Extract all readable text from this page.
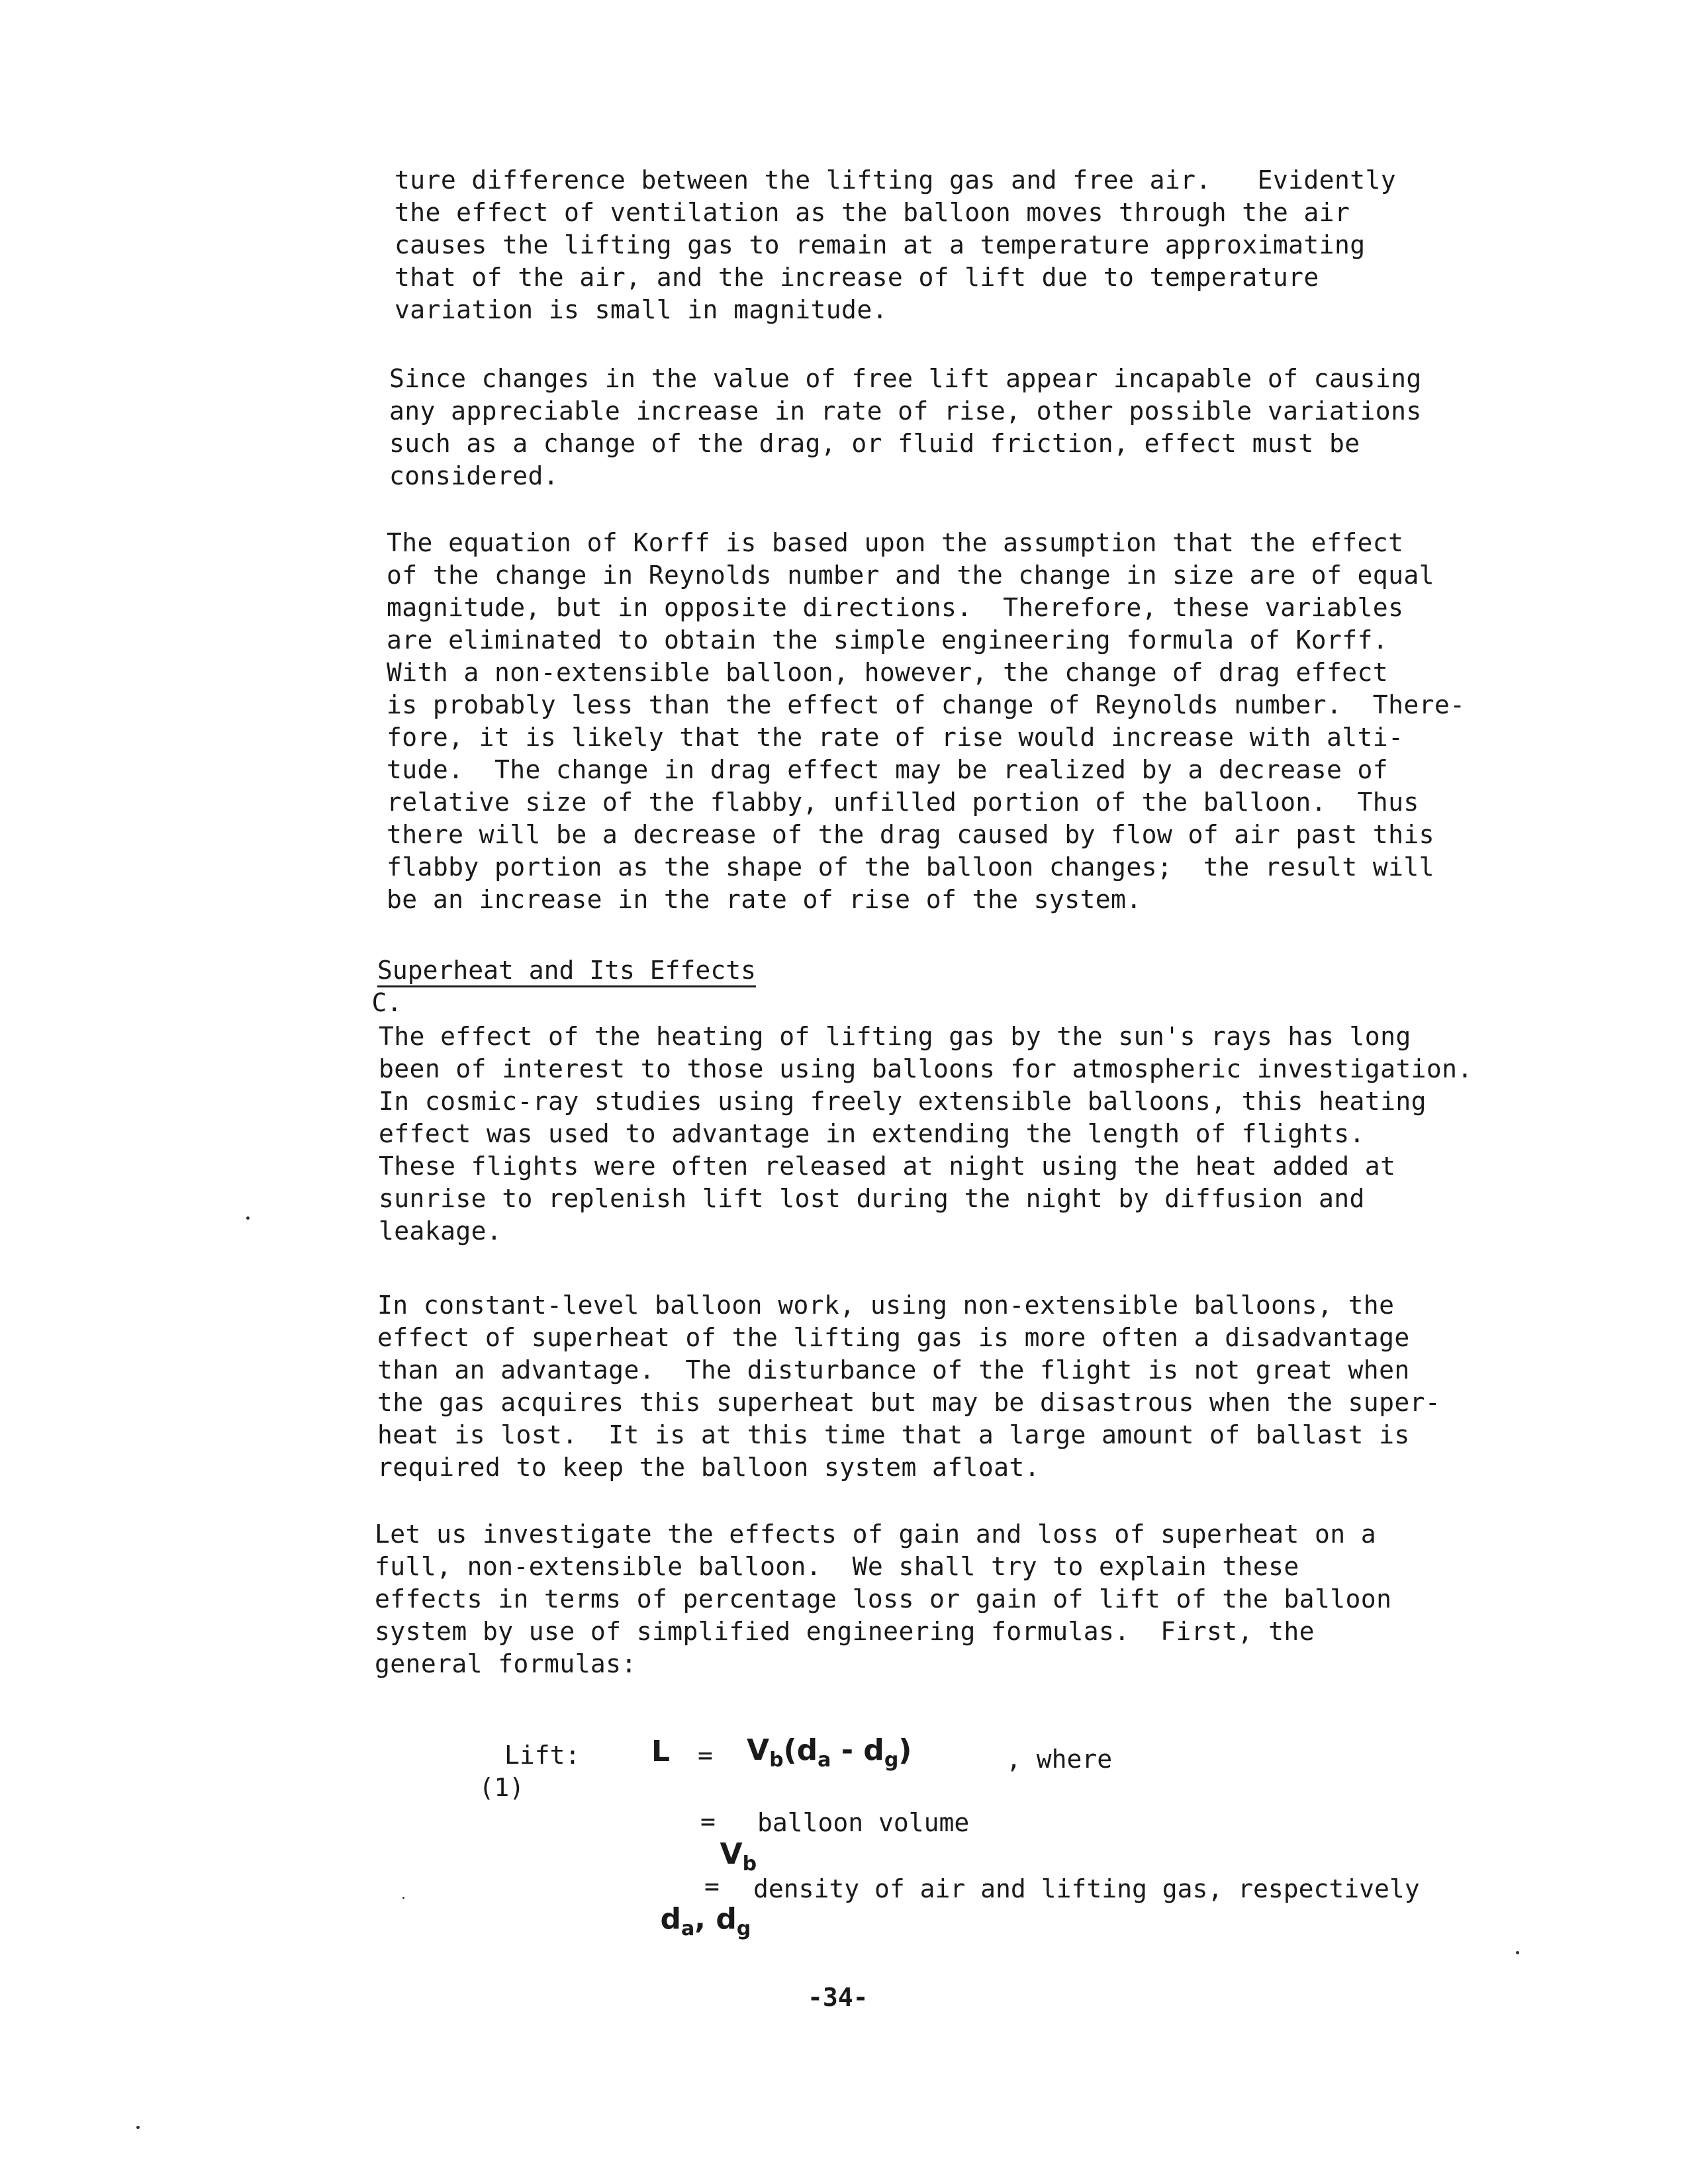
ture difference between the lifting gas and free air.   Evidently
the effect of ventilation as the balloon moves through the air
causes the lifting gas to remain at a temperature approximating
that of the air, and the increase of lift due to temperature
variation is small in magnitude.

Since changes in the value of free lift appear incapable of causing
any appreciable increase in rate of rise, other possible variations
such as a change of the drag, or fluid friction, effect must be
considered.

The equation of Korff is based upon the assumption that the effect
of the change in Reynolds number and the change in size are of equal
magnitude, but in opposite directions.  Therefore, these variables
are eliminated to obtain the simple engineering formula of Korff.
With a non-extensible balloon, however, the change of drag effect
is probably less than the effect of change of Reynolds number.  There-
fore, it is likely that the rate of rise would increase with alti-
tude.  The change in drag effect may be realized by a decrease of
relative size of the flabby, unfilled portion of the balloon.  Thus
there will be a decrease of the drag caused by flow of air past this
flabby portion as the shape of the balloon changes;  the result will
be an increase in the rate of rise of the system.

C.

Superheat and Its Effects

The effect of the heating of lifting gas by the sun's rays has long
been of interest to those using balloons for atmospheric investigation.
In cosmic-ray studies using freely extensible balloons, this heating
effect was used to advantage in extending the length of flights.
These flights were often released at night using the heat added at
sunrise to replenish lift lost during the night by diffusion and
leakage.

In constant-level balloon work, using non-extensible balloons, the
effect of superheat of the lifting gas is more often a disadvantage
than an advantage.  The disturbance of the flight is not great when
the gas acquires this superheat but may be disastrous when the super-
heat is lost.  It is at this time that a large amount of ballast is
required to keep the balloon system afloat.

Let us investigate the effects of gain and loss of superheat on a
full, non-extensible balloon.  We shall try to explain these
effects in terms of percentage loss or gain of lift of the balloon
system by use of simplified engineering formulas.  First, the
general formulas:

(1)

Lift:

L

=

$V_b(d_a - d_g)$

	, where

$V_b$

=

balloon volume

$d_a$, $d_g$

=

density of air and lifting gas, respectively

-34-
